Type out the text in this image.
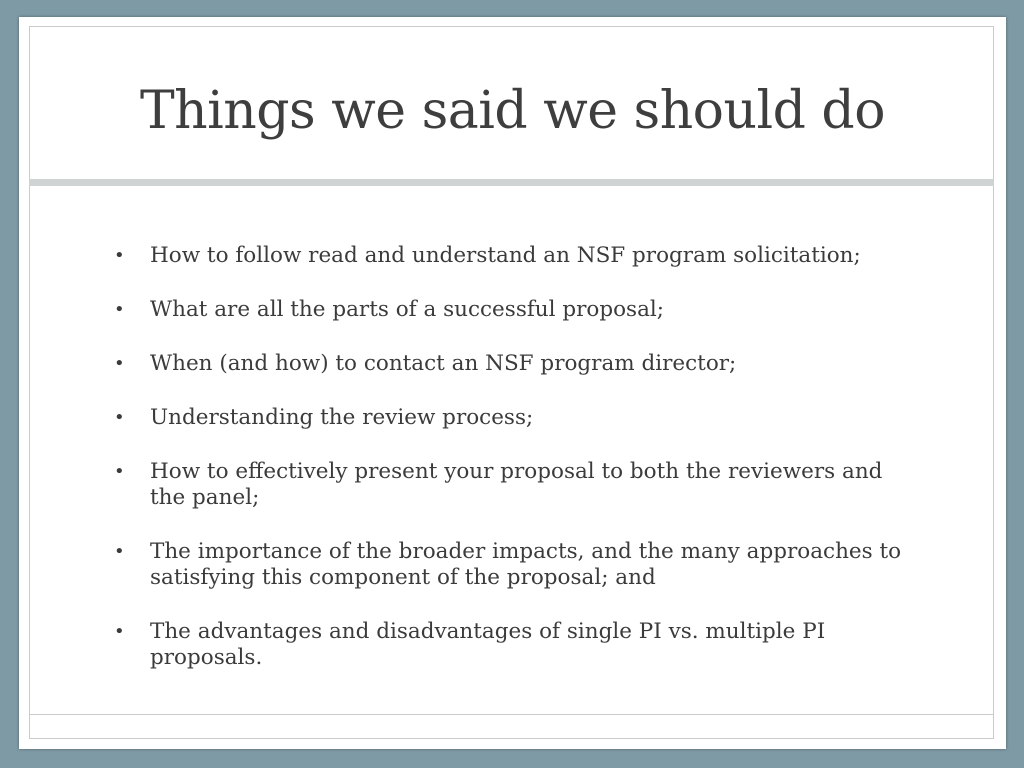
Things we said we should do
• How to follow read and understand an NSF program solicitation;
• What are all the parts of a successful proposal;
• When (and how) to contact an NSF program director;
• Understanding the review process;
• How to effectively present your proposal to both the reviewers and the panel;
• The importance of the broader impacts, and the many approaches to satisfying this component of the proposal; and
• The advantages and disadvantages of single PI vs. multiple PI proposals.
